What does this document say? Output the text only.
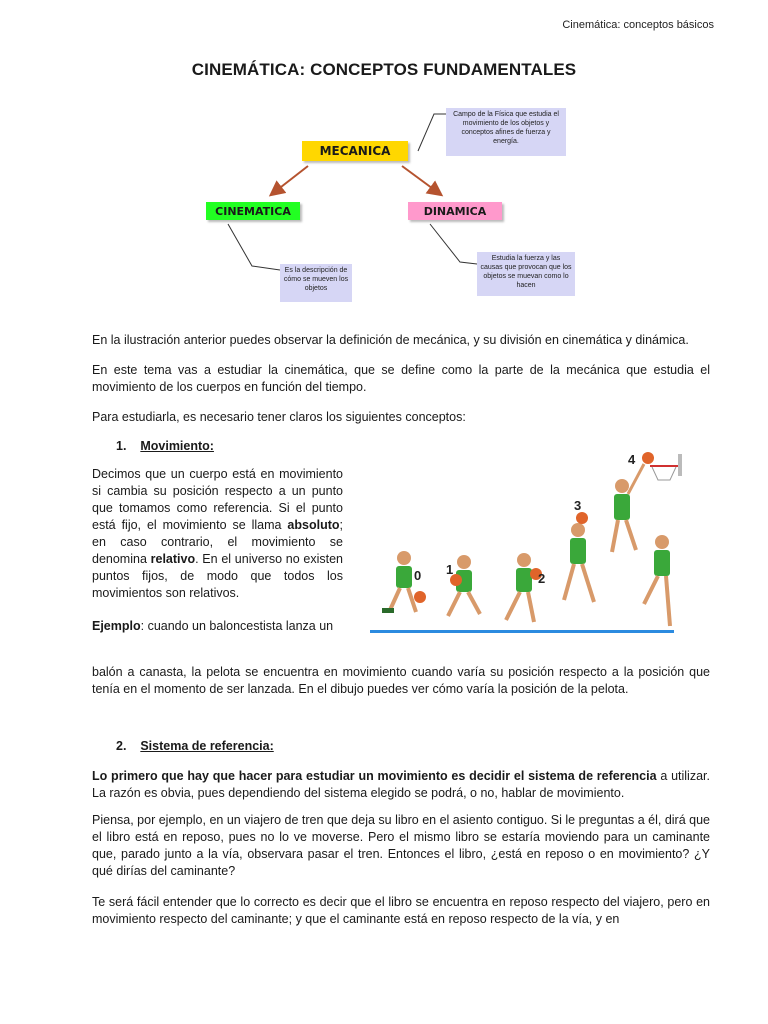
Cinemática: conceptos básicos
CINEMÁTICA: CONCEPTOS FUNDAMENTALES
MECANICA
CINEMATICA	DINAMICA
Campo de la Física que estudia el movimiento de los objetos y conceptos afines de fuerza y energía.
Es la descripción de cómo se mueven los objetos
Estudia la fuerza y las causas que provocan que los objetos se muevan como lo hacen

En la ilustración anterior puedes observar la definición de mecánica, y su división en cinemática y dinámica.

En este tema vas a estudiar la cinemática, que se define como la parte de la mecánica que estudia el movimiento de los cuerpos en función del tiempo.

Para estudiarla, es necesario tener claros los siguientes conceptos:

1. Movimiento:

Decimos que un cuerpo está en movimiento si cambia su posición respecto a un punto que tomamos como referencia. Si el punto está fijo, el movimiento se llama absoluto; en caso contrario, el movimiento se denomina relativo. En el universo no existen puntos fijos, de modo que todos los movimientos son relativos.

0 1
2
3
4

Ejemplo: cuando un baloncestista lanza un

balón a canasta, la pelota se encuentra en movimiento cuando varía su posición respecto a la posición que tenía en el momento de ser lanzada. En el dibujo puedes ver cómo varía la posición de la pelota.

2. Sistema de referencia:

Lo primero que hay que hacer para estudiar un movimiento es decidir el sistema de referencia a utilizar. La razón es obvia, pues dependiendo del sistema elegido se podrá, o no, hablar de movimiento.

Piensa, por ejemplo, en un viajero de tren que deja su libro en el asiento contiguo. Si le preguntas a él, dirá que el libro está en reposo, pues no lo ve moverse. Pero el mismo libro se estaría moviendo para un caminante que, parado junto a la vía, observara pasar el tren. Entonces el libro, ¿está en reposo o en movimiento? ¿Y qué dirías del caminante?

Te será fácil entender que lo correcto es decir que el libro se encuentra en reposo respecto del viajero, pero en movimiento respecto del caminante; y que el caminante está en reposo respecto de la vía, y en
